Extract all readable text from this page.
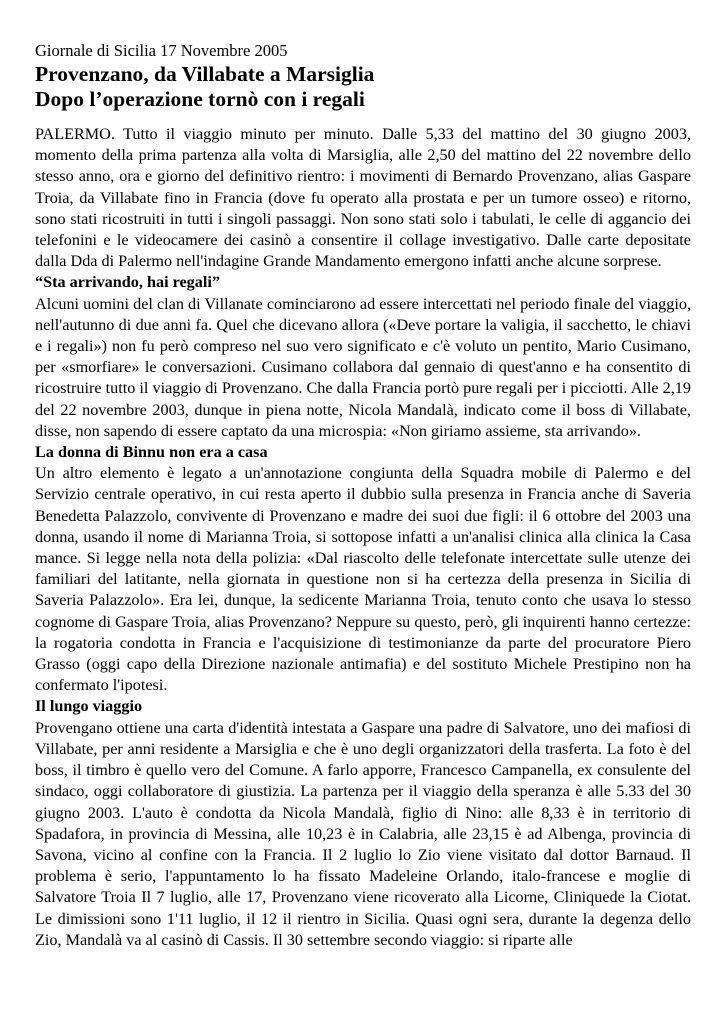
Giornale di Sicilia 17 Novembre 2005

Provenzano, da Villabate a Marsiglia
Dopo l’operazione tornò con i regali

PALERMO. Tutto il viaggio minuto per minuto. Dalle 5,33 del mattino del 30 giugno 2003, momento della prima partenza alla volta di Marsiglia, alle 2,50 del mattino del 22 novembre dello stesso anno, ora e giorno del definitivo rientro: i movimenti di Bernardo Provenzano, alias Gaspare Troia, da Villabate fino in Francia (dove fu operato alla prostata e per un tumore osseo) e ritorno, sono stati ricostruiti in tutti i singoli passaggi. Non sono stati solo i tabulati, le celle di aggancio dei telefonini e le videocamere dei casinò a consentire il collage investigativo. Dalle carte depositate dalla Dda di Palermo nell'indagine Grande Mandamento emergono infatti anche alcune sorprese.

“Sta arrivando, hai regali”

Alcuni uomini del clan di Villanate cominciarono ad essere intercettati nel periodo finale del viaggio, nell'autunno di due anni fa. Quel che dicevano allora («Deve portare la valigia, il sacchetto, le chiavi e i regali») non fu però compreso nel suo vero significato e c'è voluto un pentito, Mario Cusimano, per «smorfiare» le conversazioni. Cusimano collabora dal gennaio di quest'anno e ha consentito di ricostruire tutto il viaggio di Provenzano. Che dalla Francia portò pure regali per i picciotti. Alle 2,19 del 22 novembre 2003, dunque in piena notte, Nicola Mandalà, indicato come il boss di Villabate, disse, non sapendo di essere captato da una microspia: «Non giriamo assieme, sta arrivando».

La donna di Binnu non era a casa

Un altro elemento è legato a un'annotazione congiunta della Squadra mobile di Palermo e del Servizio centrale operativo, in cui resta aperto il dubbio sulla presenza in Francia anche di Saveria Benedetta Palazzolo, convivente di Provenzano e madre dei suoi due figli: il 6 ottobre del 2003 una donna, usando il nome di Marianna Troia, si sottopose infatti a un'analisi clinica alla clinica la Casa mance. Si legge nella nota della polizia: «Dal riascolto delle telefonate intercettate sulle utenze dei familiari del latitante, nella giornata in questione non si ha certezza della presenza in Sicilia di Saveria Palazzolo». Era lei, dunque, la sedicente Marianna Troia, tenuto conto che usava lo stesso cognome di Gaspare Troia, alias Provenzano? Neppure su questo, però, gli inquirenti hanno certezze: la rogatoria condotta in Francia e l'acquisizione di testimonianze da parte del procuratore Piero Grasso (oggi capo della Direzione nazionale antimafia) e del sostituto Michele Prestipino non ha confermato l'ipotesi.

Il lungo viaggio

Provengano ottiene una carta d'identità intestata a Gaspare una padre di Salvatore, uno dei mafiosi di Villabate, per anni residente a Marsiglia e che è uno degli organizzatori della trasferta. La foto è del boss, il timbro è quello vero del Comune. A farlo apporre, Francesco Campanella, ex consulente del sindaco, oggi collaboratore di giustizia. La partenza per il viaggio della speranza è alle 5.33 del 30 giugno 2003. L'auto è condotta da Nicola Mandalà, figlio di Nino: alle 8,33 è in territorio di Spadafora, in provincia di Messina, alle 10,23 è in Calabria, alle 23,15 è ad Albenga, provincia di Savona, vicino al confine con la Francia. Il 2 luglio lo Zio viene visitato dal dottor Barnaud. Il problema è serio, l'appuntamento lo ha fissato Madeleine Orlando, italo-francese e moglie di Salvatore Troia Il 7 luglio, alle 17, Provenzano viene ricoverato alla Licorne, Cliniquede la Ciotat. Le dimissioni sono 1'11 luglio, il 12 il rientro in Sicilia. Quasi ogni sera, durante la degenza dello Zio, Mandalà va al casinò di Cassis. Il 30 settembre secondo viaggio: si riparte alle
